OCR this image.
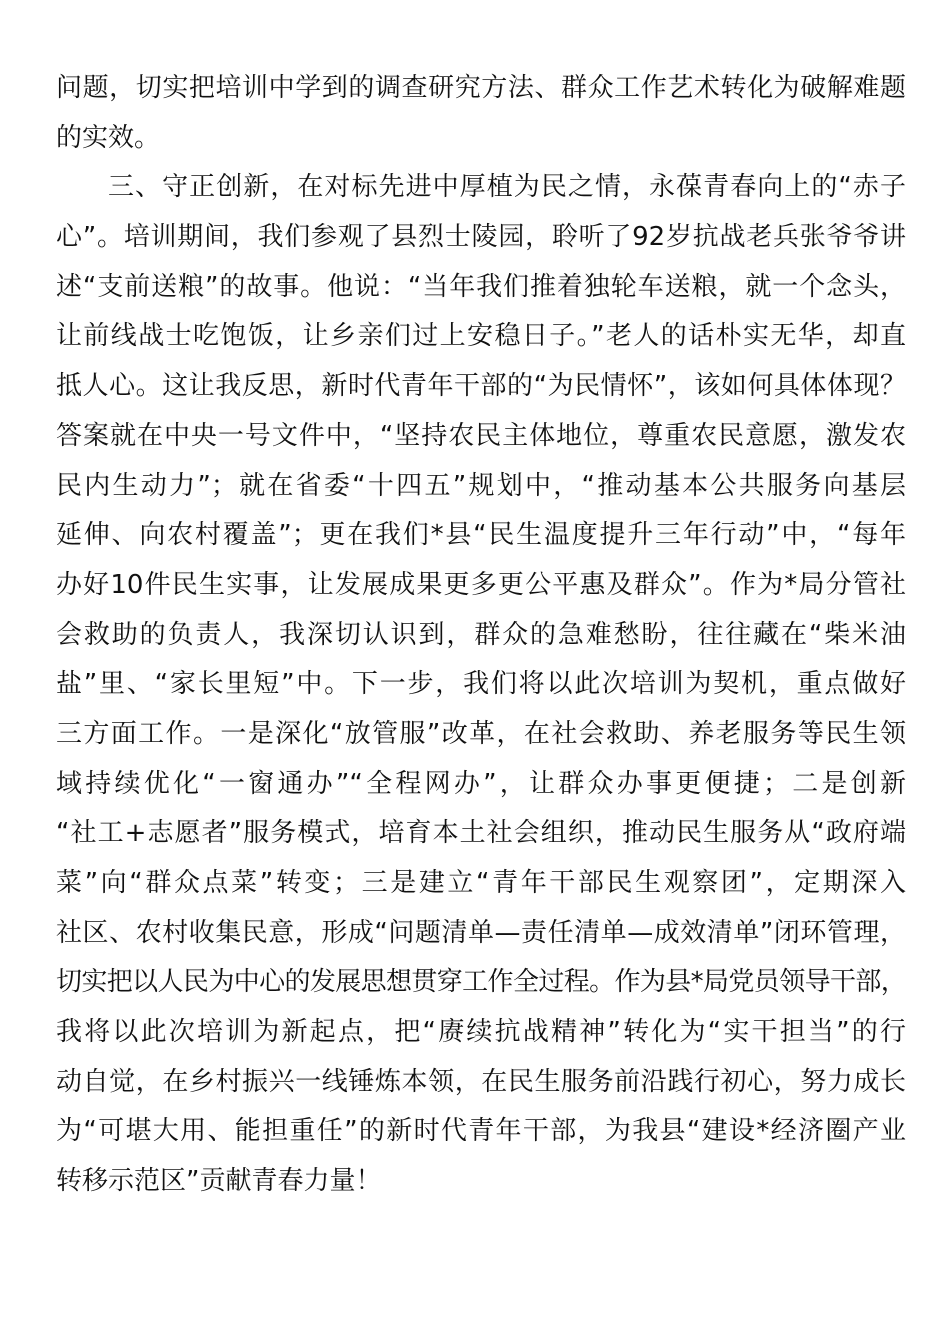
问题，切实把培训中学到的调查研究方法、群众工作艺术转化为破解难题
的实效。
三、守正创新，在对标先进中厚植为民之情，永葆青春向上的“赤子
心”。培训期间，我们参观了县烈士陵园，聆听了92岁抗战老兵张爷爷讲
述“支前送粮”的故事。他说：“当年我们推着独轮车送粮，就一个念头，
让前线战士吃饱饭，让乡亲们过上安稳日子。”老人的话朴实无华，却直
抵人心。这让我反思，新时代青年干部的“为民情怀”，该如何具体体现？
答案就在中央一号文件中，“坚持农民主体地位，尊重农民意愿，激发农
民内生动力”；就在省委“十四五”规划中，“推动基本公共服务向基层
延伸、向农村覆盖”；更在我们*县“民生温度提升三年行动”中，“每年
办好10件民生实事，让发展成果更多更公平惠及群众”。作为*局分管社
会救助的负责人，我深切认识到，群众的急难愁盼，往往藏在“柴米油
盐”里、“家长里短”中。下一步，我们将以此次培训为契机，重点做好
三方面工作。一是深化“放管服”改革，在社会救助、养老服务等民生领
域持续优化“一窗通办”“全程网办”，让群众办事更便捷；二是创新
“社工+志愿者”服务模式，培育本土社会组织，推动民生服务从“政府端
菜”向“群众点菜”转变；三是建立“青年干部民生观察团”，定期深入
社区、农村收集民意，形成“问题清单—责任清单—成效清单”闭环管理，
切实把以人民为中心的发展思想贯穿工作全过程。作为县*局党员领导干部，
我将以此次培训为新起点，把“赓续抗战精神”转化为“实干担当”的行
动自觉，在乡村振兴一线锤炼本领，在民生服务前沿践行初心，努力成长
为“可堪大用、能担重任”的新时代青年干部，为我县“建设*经济圈产业
转移示范区”贡献青春力量！
